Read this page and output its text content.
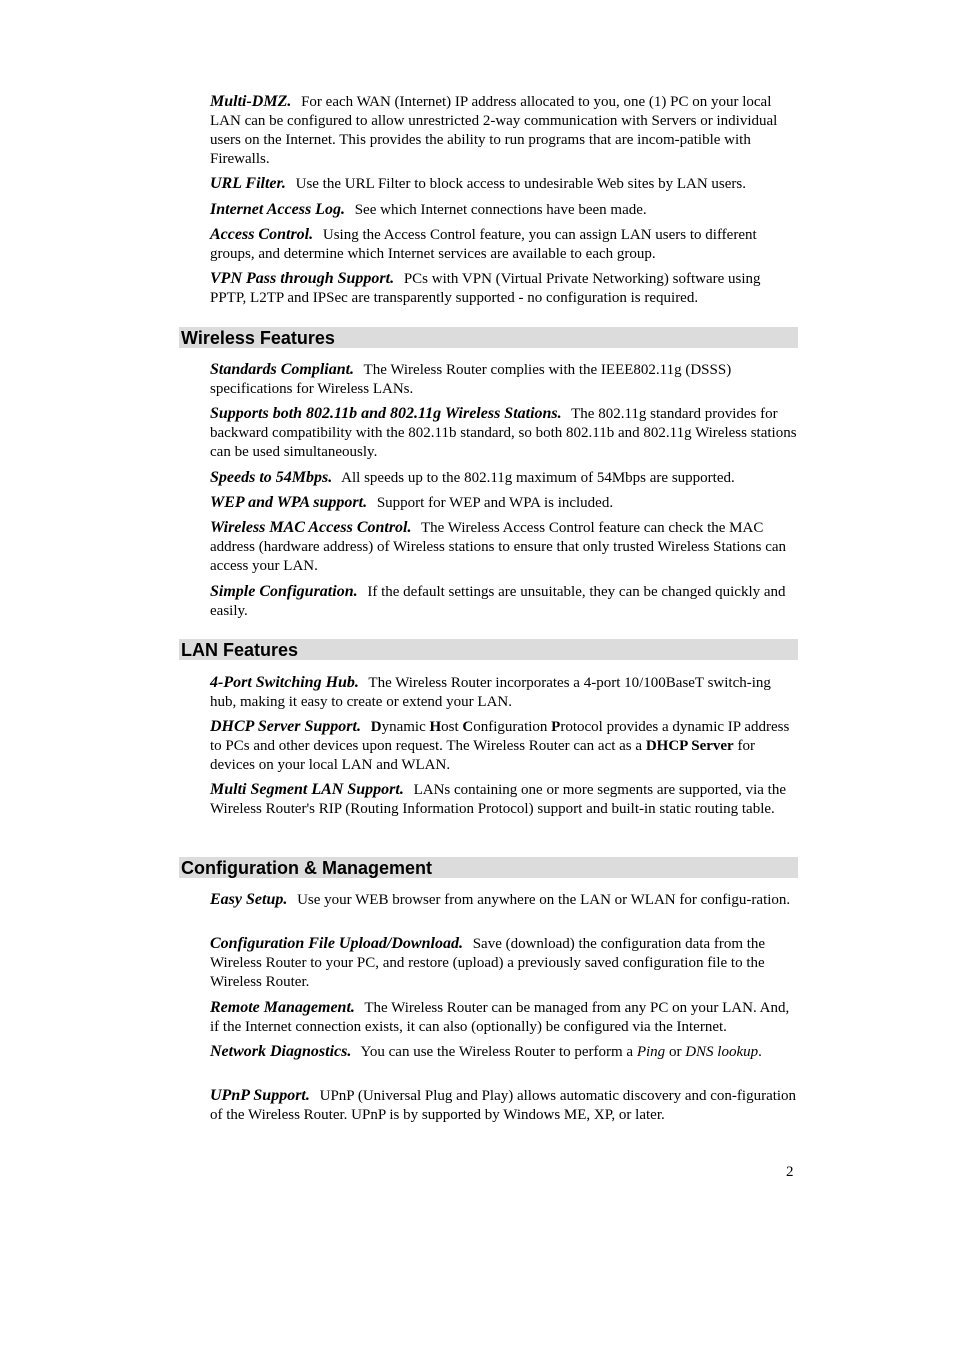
Multi-DMZ. For each WAN (Internet) IP address allocated to you, one (1) PC on your local LAN can be configured to allow unrestricted 2-way communication with Servers or individual users on the Internet. This provides the ability to run programs that are incom-patible with Firewalls.
URL Filter. Use the URL Filter to block access to undesirable Web sites by LAN users.
Internet Access Log. See which Internet connections have been made.
Access Control. Using the Access Control feature, you can assign LAN users to different groups, and determine which Internet services are available to each group.
VPN Pass through Support. PCs with VPN (Virtual Private Networking) software using PPTP, L2TP and IPSec are transparently supported - no configuration is required.
Wireless Features
Standards Compliant. The Wireless Router complies with the IEEE802.11g (DSSS) specifications for Wireless LANs.
Supports both 802.11b and 802.11g Wireless Stations. The 802.11g standard provides for backward compatibility with the 802.11b standard, so both 802.11b and 802.11g Wireless stations can be used simultaneously.
Speeds to 54Mbps. All speeds up to the 802.11g maximum of 54Mbps are supported.
WEP and WPA support. Support for WEP and WPA is included.
Wireless MAC Access Control. The Wireless Access Control feature can check the MAC address (hardware address) of Wireless stations to ensure that only trusted Wireless Stations can access your LAN.
Simple Configuration. If the default settings are unsuitable, they can be changed quickly and easily.
LAN Features
4-Port Switching Hub. The Wireless Router incorporates a 4-port 10/100BaseT switch-ing hub, making it easy to create or extend your LAN.
DHCP Server Support. Dynamic Host Configuration Protocol provides a dynamic IP address to PCs and other devices upon request. The Wireless Router can act as a DHCP Server for devices on your local LAN and WLAN.
Multi Segment LAN Support. LANs containing one or more segments are supported, via the Wireless Router's RIP (Routing Information Protocol) support and built-in static routing table.
Configuration & Management
Easy Setup. Use your WEB browser from anywhere on the LAN or WLAN for configu-ration.
Configuration File Upload/Download. Save (download) the configuration data from the Wireless Router to your PC, and restore (upload) a previously saved configuration file to the Wireless Router.
Remote Management. The Wireless Router can be managed from any PC on your LAN. And, if the Internet connection exists, it can also (optionally) be configured via the Internet.
Network Diagnostics. You can use the Wireless Router to perform a Ping or DNS lookup.
UPnP Support. UPnP (Universal Plug and Play) allows automatic discovery and con-figuration of the Wireless Router. UPnP is by supported by Windows ME, XP, or later.
2
